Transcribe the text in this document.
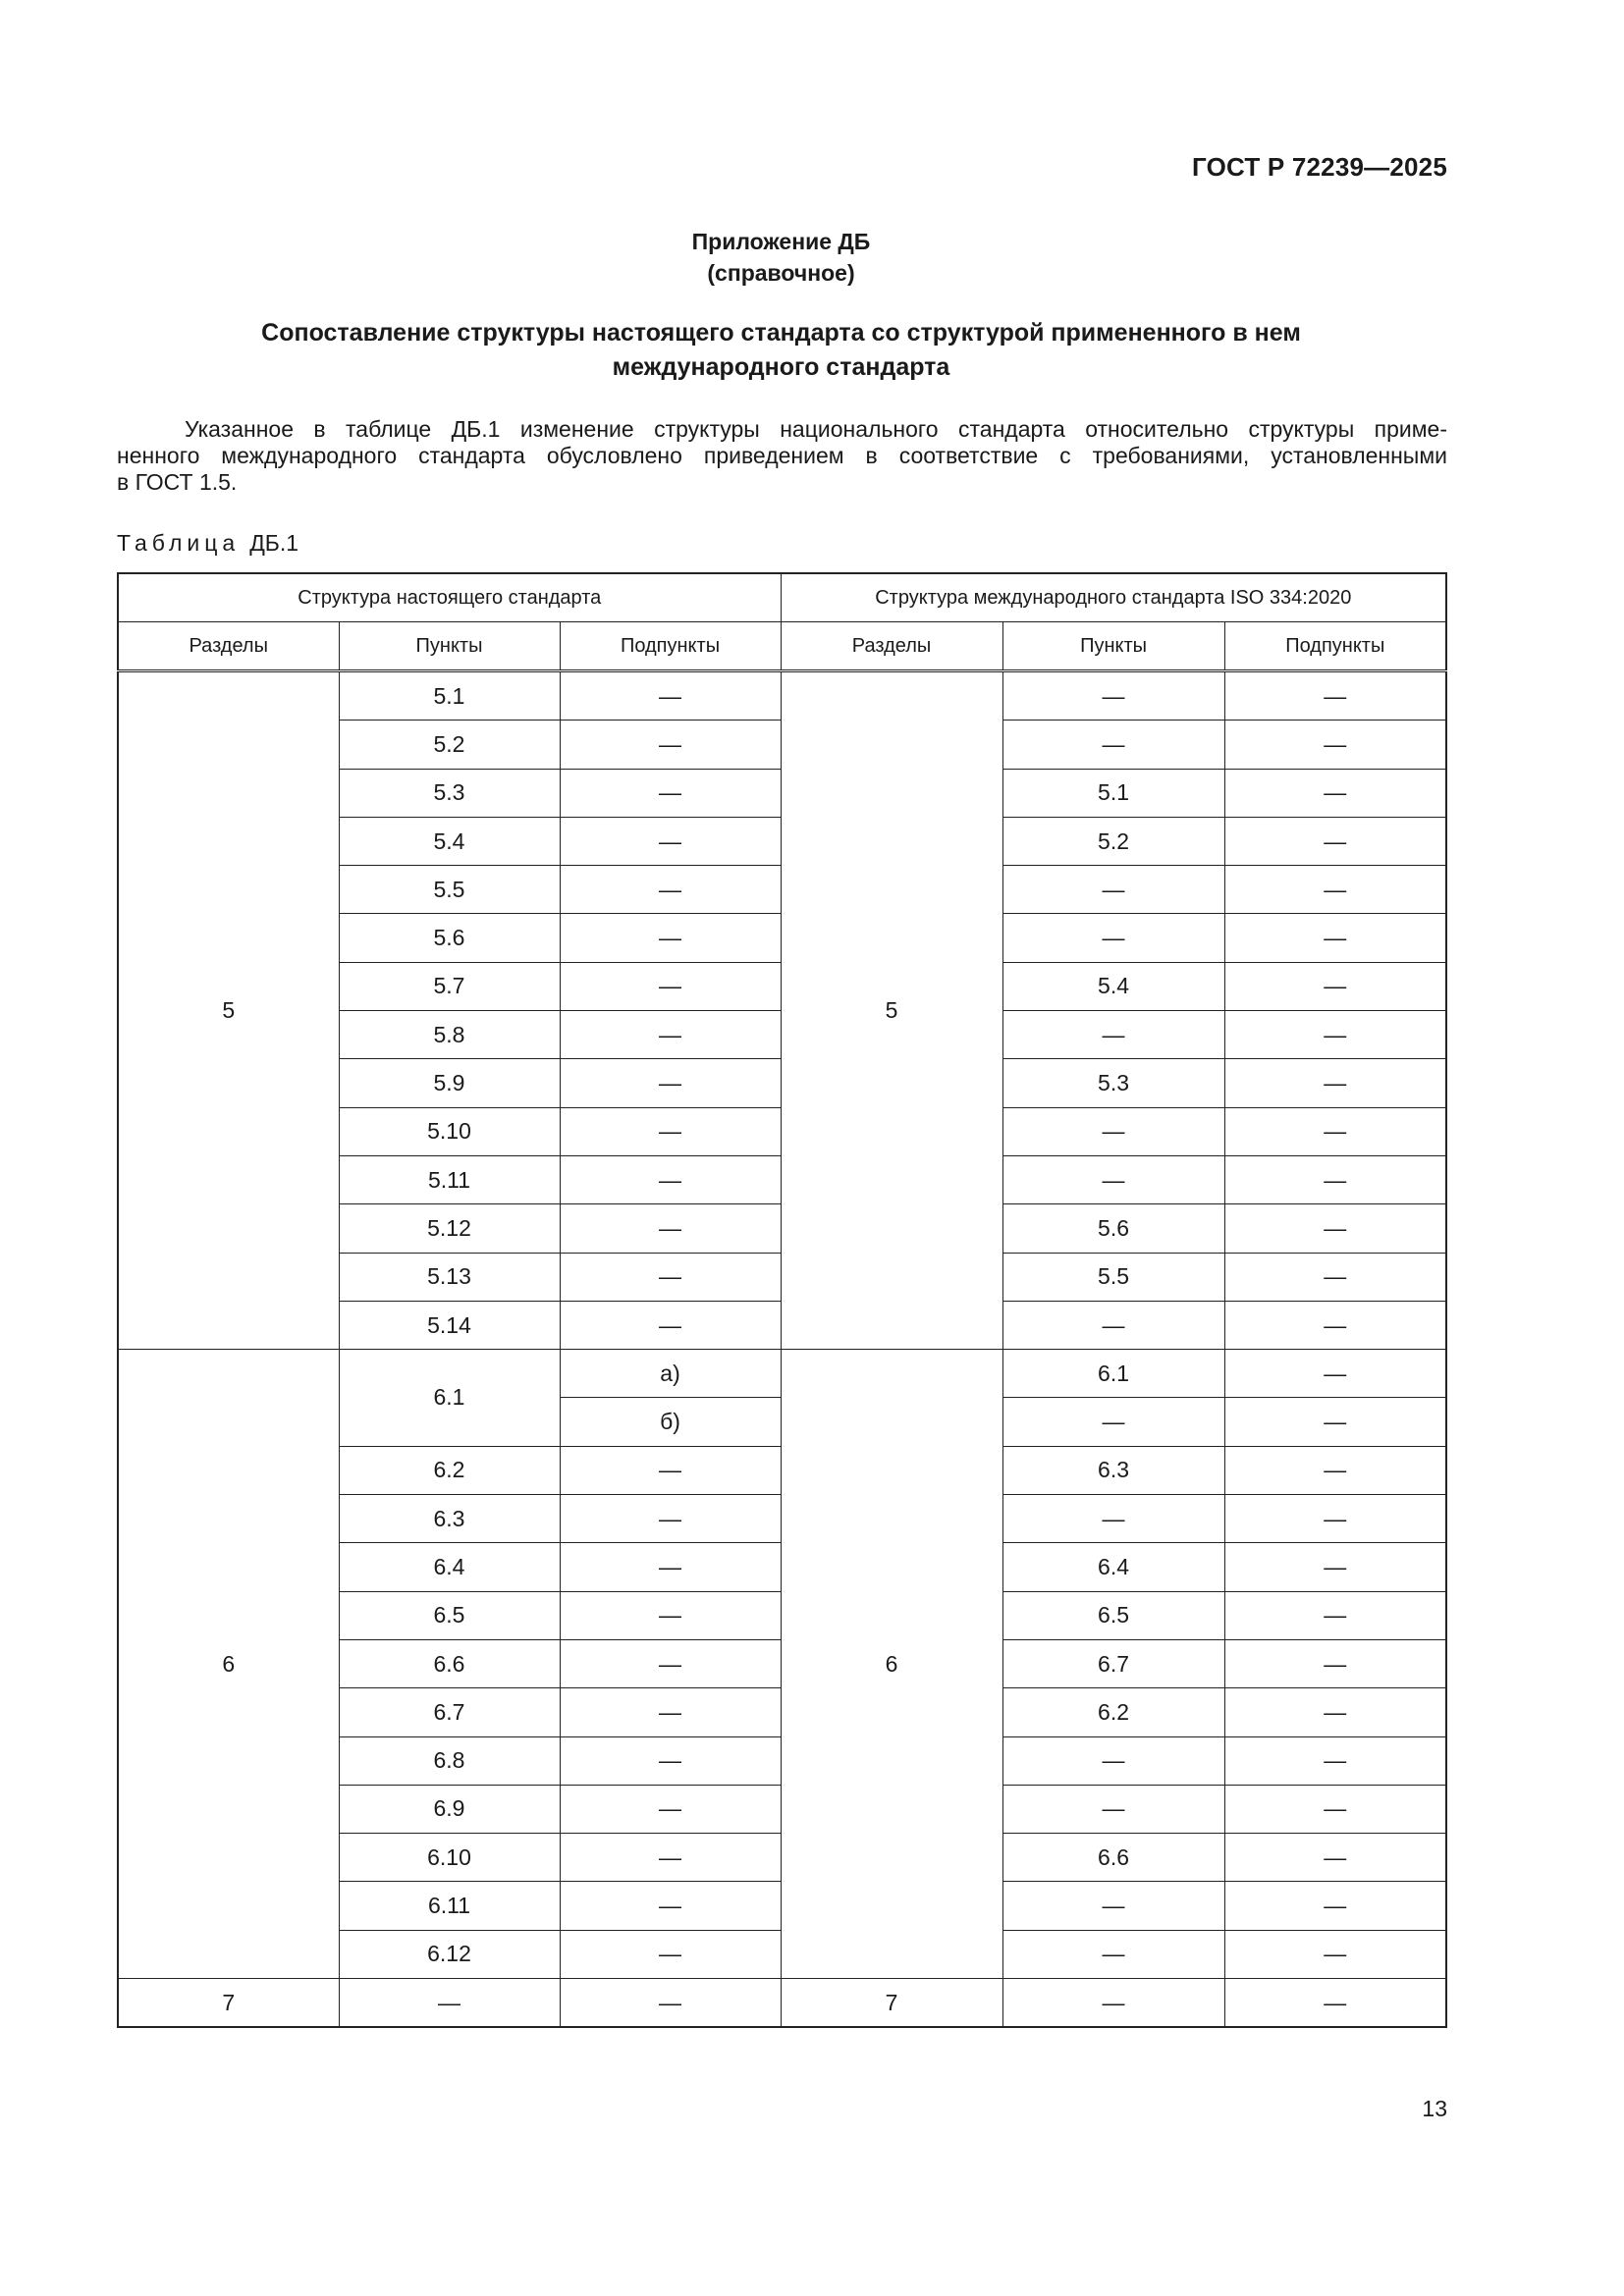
ГОСТ Р 72239—2025
Приложение ДБ
(справочное)
Сопоставление структуры настоящего стандарта со структурой примененного в нем
международного стандарта

Указанное в таблице ДБ.1 изменение структуры национального стандарта относительно структуры приме-

ненного международного стандарта обусловлено приведением в соответствие с требованиями, установленными

в ГОСТ 1.5.

Таблица ДБ.1
Структура настоящего стандарта			Структура международного стандарта ISO 334:2020		
Разделы	Пункты	Подпункты	Разделы	Пункты	Подпункты
5	5.1	—	5	—	—
	5.2	—		—	—
	5.3	—		5.1	—
	5.4	—		5.2	—
	5.5	—		—	—
	5.6	—		—	—
	5.7	—		5.4	—
	5.8	—		—	—
	5.9	—		5.3	—
	5.10	—		—	—
	5.11	—		—	—
	5.12	—		5.6	—
	5.13	—		5.5	—
	5.14	—		—	—
6	6.1	а)	6	6.1	—
		б)		—	—
	6.2	—		6.3	—
	6.3	—		—	—
	6.4	—		6.4	—
	6.5	—		6.5	—
	6.6	—		6.7	—
	6.7	—		6.2	—
	6.8	—		—	—
	6.9	—		—	—
	6.10	—		6.6	—
	6.11	—		—	—
	6.12	—		—	—
7	—	—	7	—	—
13
